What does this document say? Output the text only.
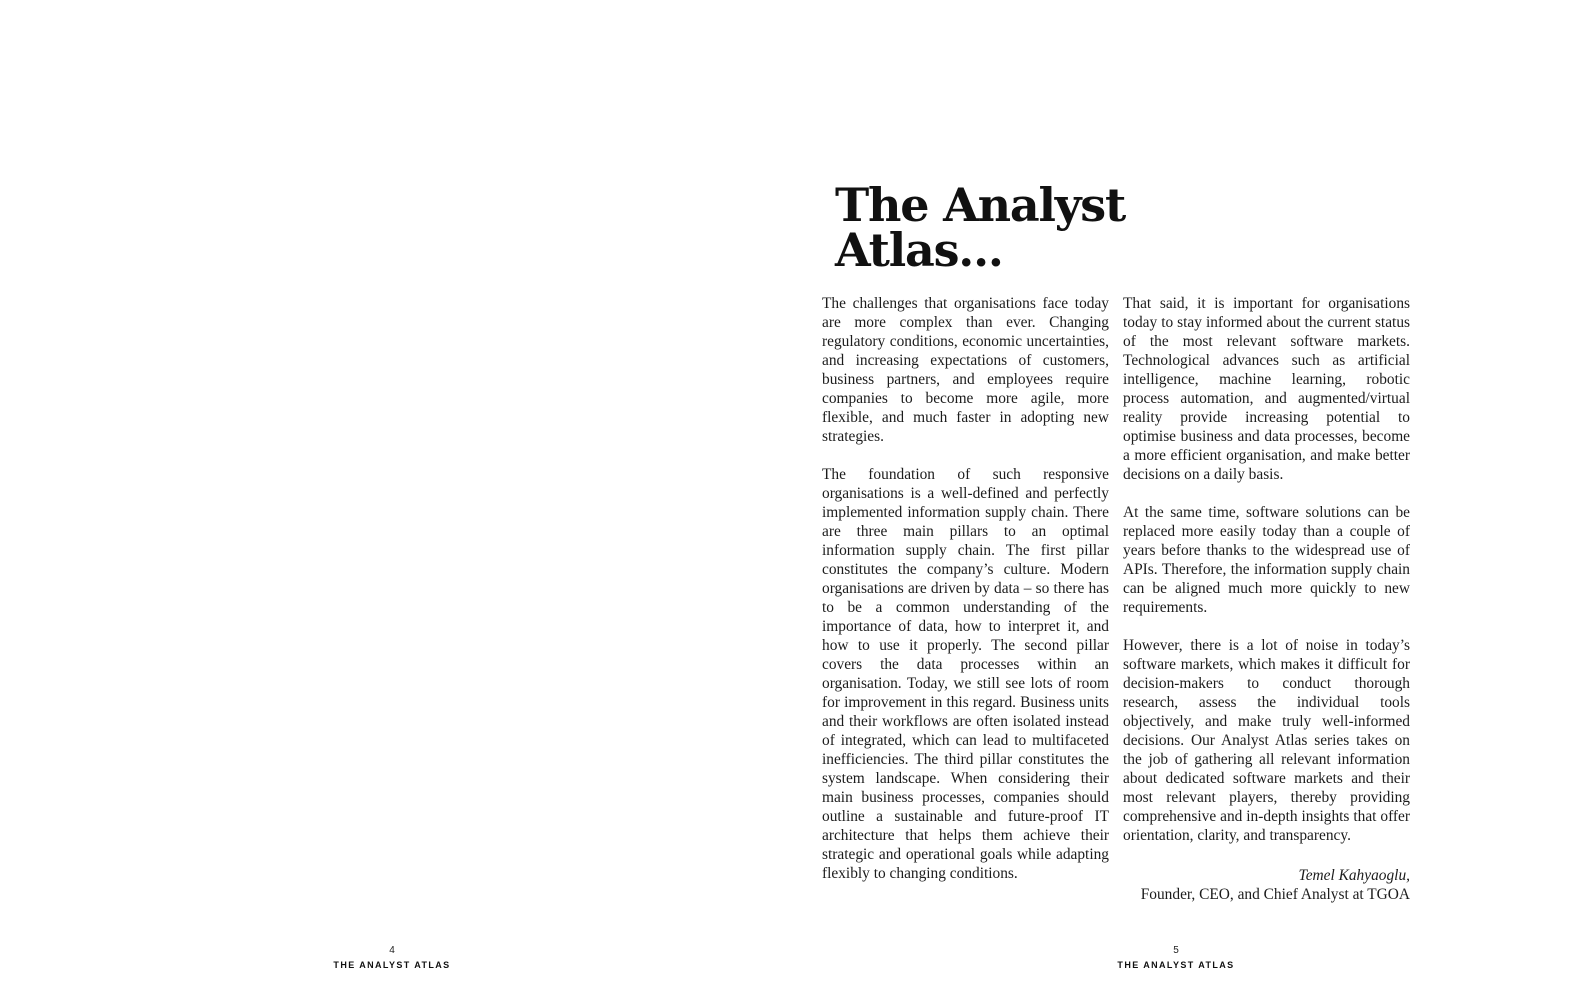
4
THE ANALYST ATLAS
The Analyst
Atlas...

The challenges that organisations face today are more complex than ever. Changing regulatory conditions, economic uncertainties, and increasing expectations of customers, business partners, and employees require companies to become more agile, more flexible, and much faster in adopting new strategies.

The foundation of such responsive organisations is a well-defined and perfectly implemented information supply chain. There are three main pillars to an optimal information supply chain. The first pillar constitutes the company’s culture. Modern organisations are driven by data – so there has to be a common understanding of the importance of data, how to interpret it, and how to use it properly. The second pillar covers the data processes within an organisation. Today, we still see lots of room for improvement in this regard. Business units and their workflows are often isolated instead of integrated, which can lead to multifaceted inefficiencies. The third pillar constitutes the system landscape. When considering their main business processes, companies should outline a sustainable and future-proof IT architecture that helps them achieve their strategic and operational goals while adapting flexibly to changing conditions.

That said, it is important for organisations today to stay informed about the current status of the most relevant software markets. Technological advances such as artificial intelligence, machine learning, robotic process automation, and augmented/virtual reality provide increasing potential to optimise business and data processes, become a more efficient organisation, and make better decisions on a daily basis.

At the same time, software solutions can be replaced more easily today than a couple of years before thanks to the widespread use of APIs. Therefore, the information supply chain can be aligned much more quickly to new requirements.

However, there is a lot of noise in today’s software markets, which makes it difficult for decision-makers to conduct thorough research, assess the individual tools objectively, and make truly well-informed decisions. Our Analyst Atlas series takes on the job of gathering all relevant information about dedicated software markets and their most relevant players, thereby providing comprehensive and in-depth insights that offer orientation, clarity, and transparency.

Temel Kahyaoglu,
Founder, CEO, and Chief Analyst at TGOA
5
THE ANALYST ATLAS
